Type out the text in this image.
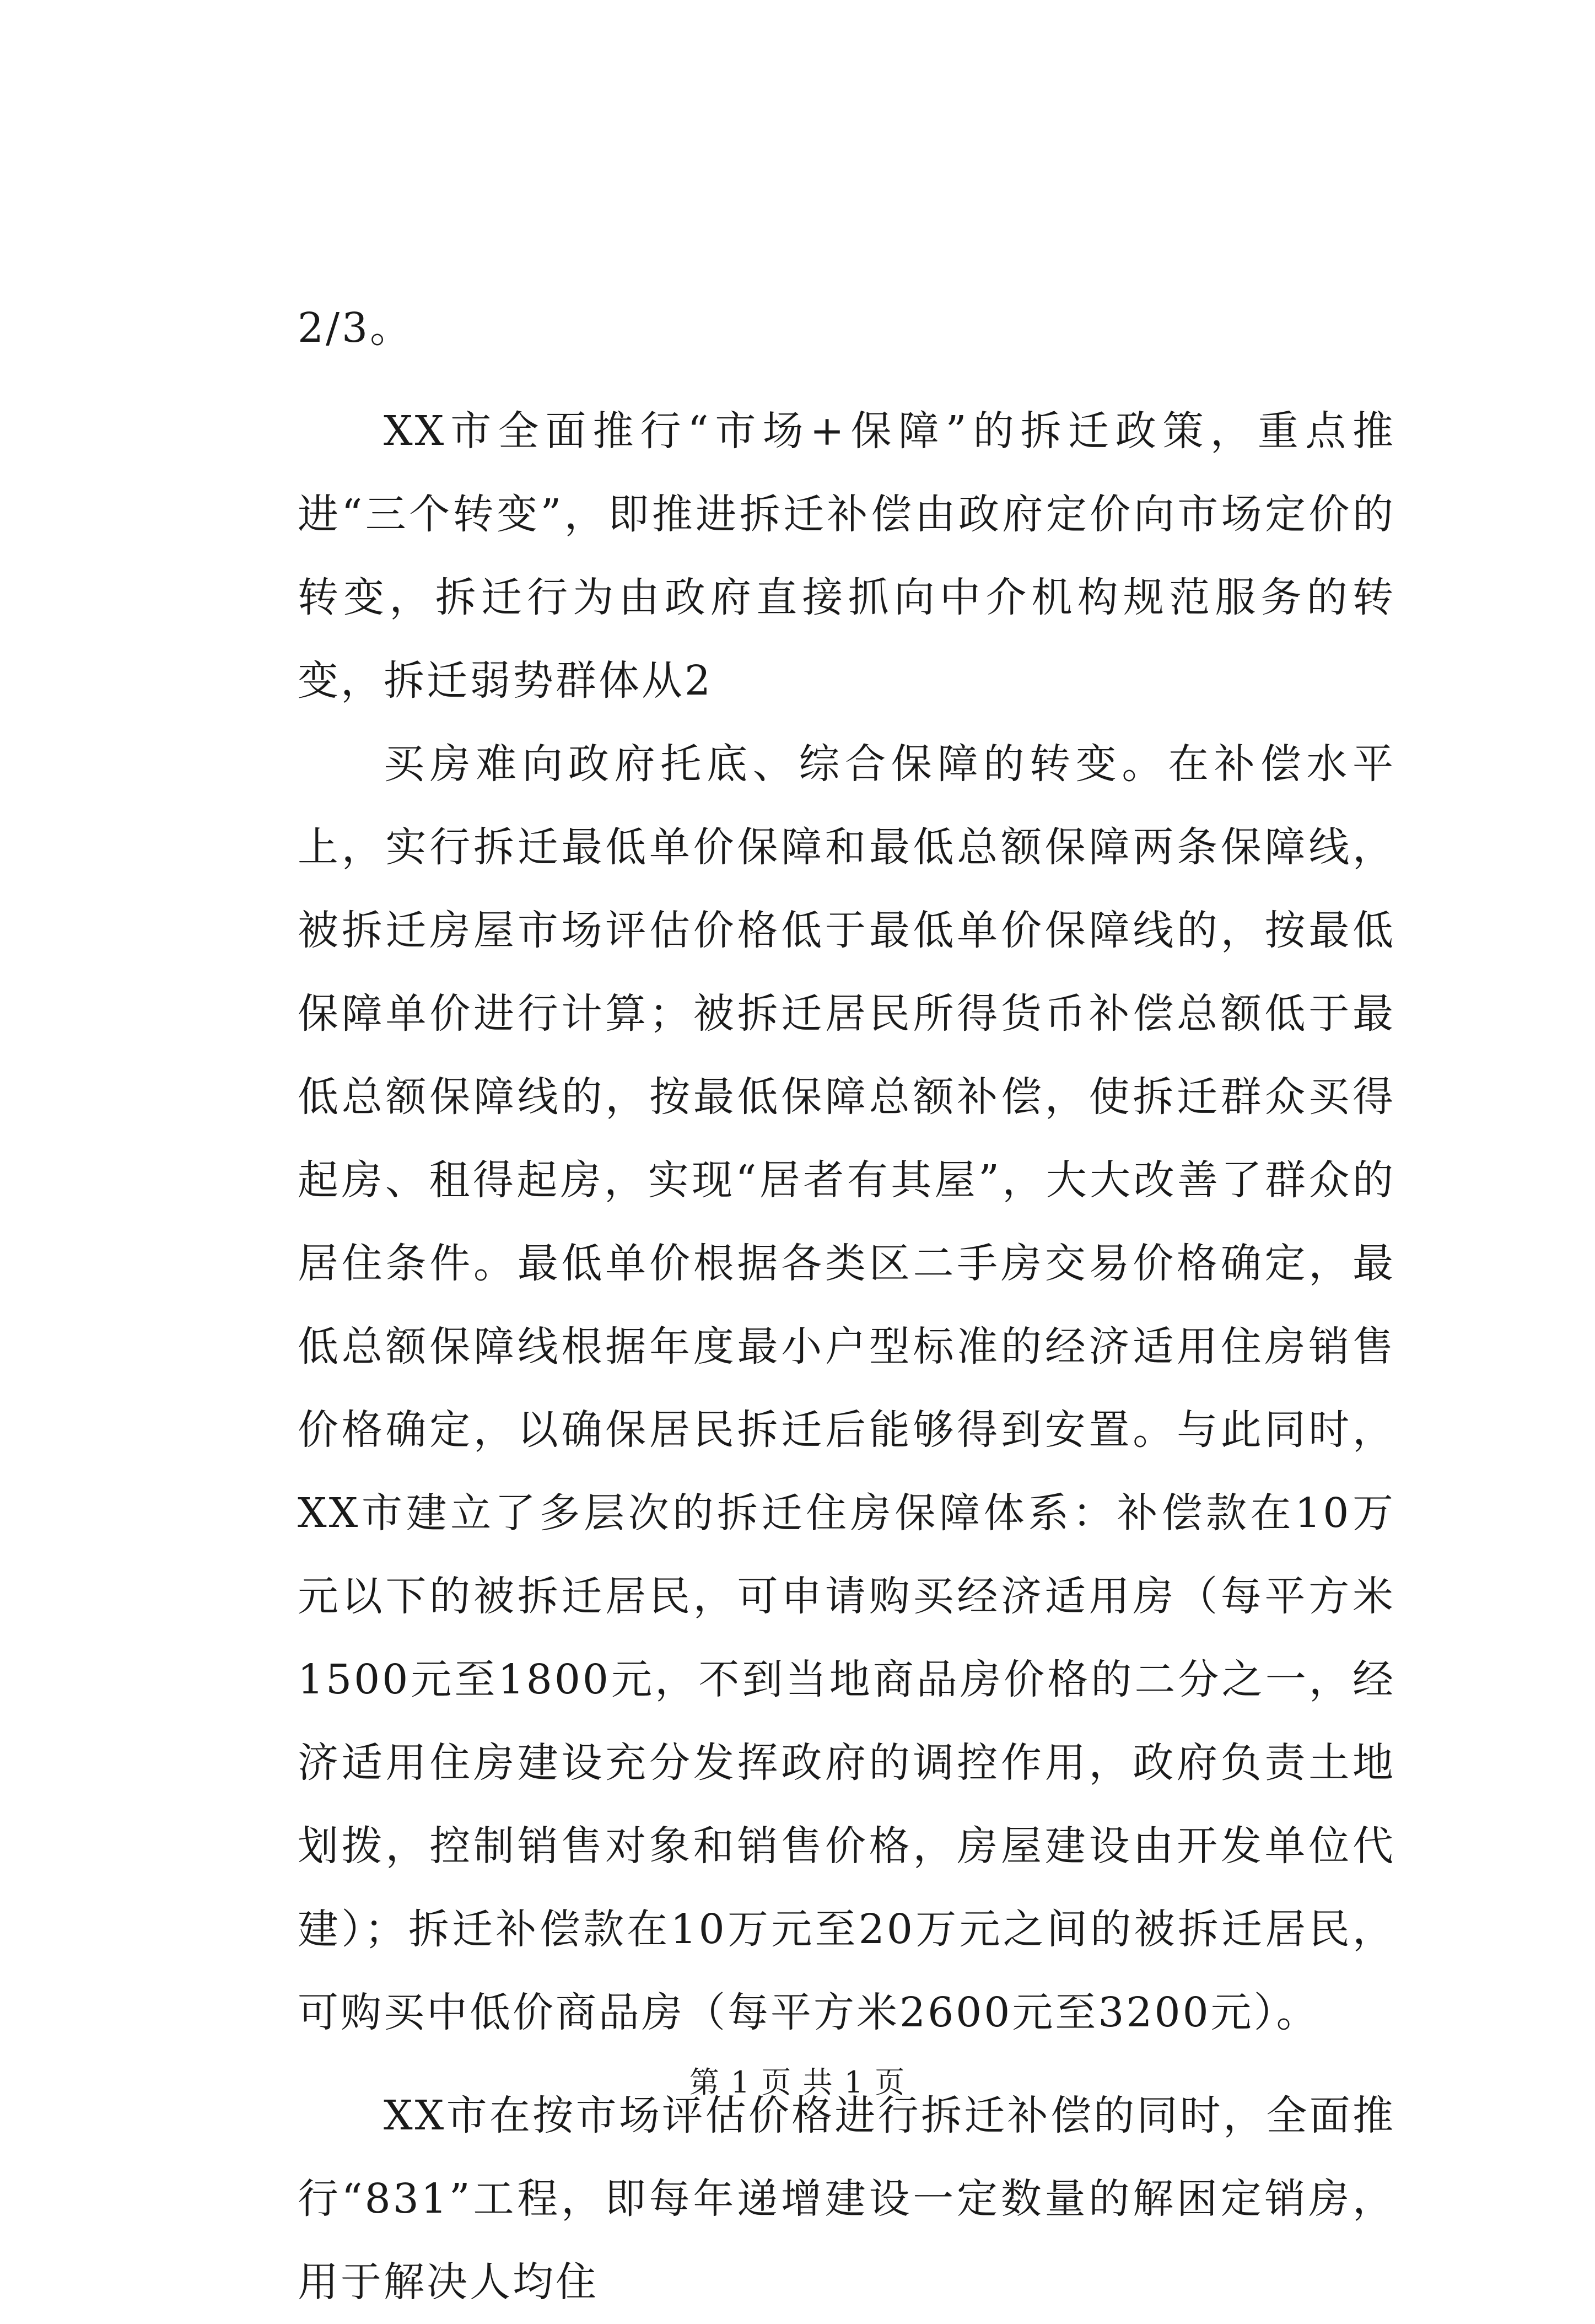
2/3。

XX市全面推行“市场+保障”的拆迁政策，重点推进“三个转变”，即推进拆迁补偿由政府定价向市场定价的转变，拆迁行为由政府直接抓向中介机构规范服务的转变，拆迁弱势群体从2

买房难向政府托底、综合保障的转变。在补偿水平上，实行拆迁最低单价保障和最低总额保障两条保障线，被拆迁房屋市场评估价格低于最低单价保障线的，按最低保障单价进行计算；被拆迁居民所得货币补偿总额低于最低总额保障线的，按最低保障总额补偿，使拆迁群众买得起房、租得起房，实现“居者有其屋”，大大改善了群众的居住条件。最低单价根据各类区二手房交易价格确定，最低总额保障线根据年度最小户型标准的经济适用住房销售价格确定，以确保居民拆迁后能够得到安置。与此同时，XX市建立了多层次的拆迁住房保障体系：补偿款在10万元以下的被拆迁居民，可申请购买经济适用房（每平方米1500元至1800元，不到当地商品房价格的二分之一，经济适用住房建设充分发挥政府的调控作用，政府负责土地划拨，控制销售对象和销售价格，房屋建设由开发单位代建）；拆迁补偿款在10万元至20万元之间的被拆迁居民，可购买中低价商品房（每平方米2600元至3200元）。

XX市在按市场评估价格进行拆迁补偿的同时，全面推行“831”工程，即每年递增建设一定数量的解困定销房，用于解决人均住

第 1 页 共 1 页
